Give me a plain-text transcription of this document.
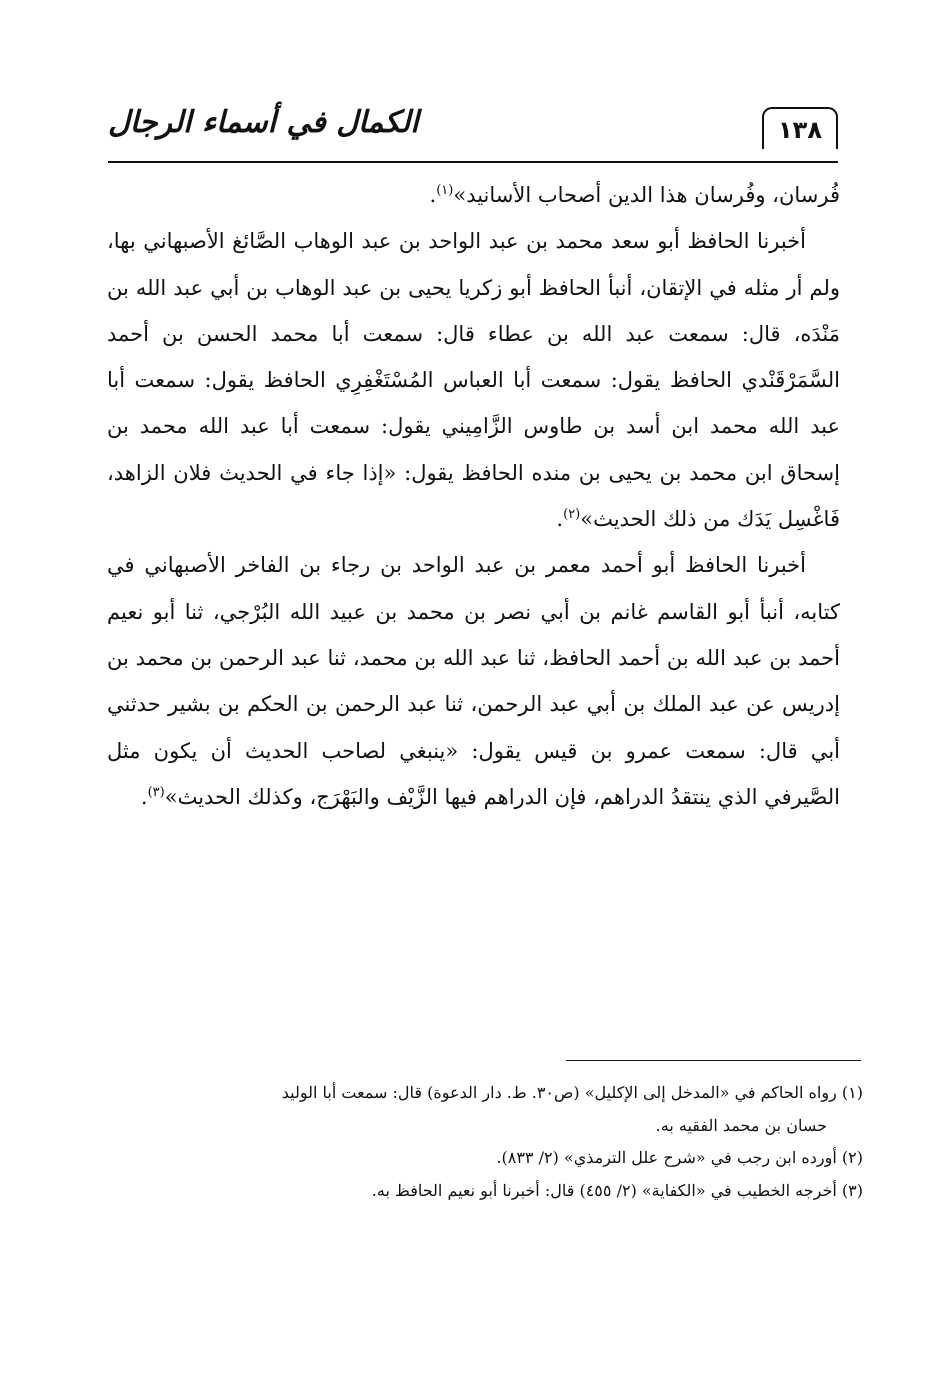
الكمال في أسماء الرجال	١٣٨

فُرسان، وفُرسان هذا الدين أصحاب الأسانيد»$^{(١)}$.

أخبرنا الحافظ أبو سعد محمد بن عبد الواحد بن عبد الوهاب الصَّائغ الأصبهاني بها، ولم أر مثله في الإتقان، أنبأ الحافظ أبو زكريا يحيى بن عبد الوهاب بن أبي عبد الله بن مَنْدَه، قال: سمعت عبد الله بن عطاء قال: سمعت أبا محمد الحسن بن أحمد السَّمَرْقَنْدي الحافظ يقول: سمعت أبا العباس المُسْتَغْفِرِي الحافظ يقول: سمعت أبا عبد الله محمد ابن أسد بن طاوس الزَّامِيني يقول: سمعت أبا عبد الله محمد بن إسحاق ابن محمد بن يحيى بن منده الحافظ يقول: «إذا جاء في الحديث فلان الزاهد، فَاغْسِل يَدَك من ذلك الحديث»$^{(٢)}$.

أخبرنا الحافظ أبو أحمد معمر بن عبد الواحد بن رجاء بن الفاخر الأصبهاني في كتابه، أنبأ أبو القاسم غانم بن أبي نصر بن محمد بن عبيد الله البُرْجي، ثنا أبو نعيم أحمد بن عبد الله بن أحمد الحافظ، ثنا عبد الله بن محمد، ثنا عبد الرحمن بن محمد بن إدريس عن عبد الملك بن أبي عبد الرحمن، ثنا عبد الرحمن بن الحكم بن بشير حدثني أبي قال: سمعت عمرو بن قيس يقول: «ينبغي لصاحب الحديث أن يكون مثل الصَّيرفي الذي ينتقدُ الدراهم، فإن الدراهم فيها الزَّيْف والبَهْرَج، وكذلك الحديث»$^{(٣)}$.

(١) رواه الحاكم في «المدخل إلى الإكليل» (ص٣٠. ط. دار الدعوة) قال: سمعت أبا الوليد
حسان بن محمد الفقيه به.

(٢) أورده ابن رجب في «شرح علل الترمذي» (٢/ ٨٣٣).

(٣) أخرجه الخطيب في «الكفاية» (٢/ ٤٥٥) قال: أخبرنا أبو نعيم الحافظ به.
